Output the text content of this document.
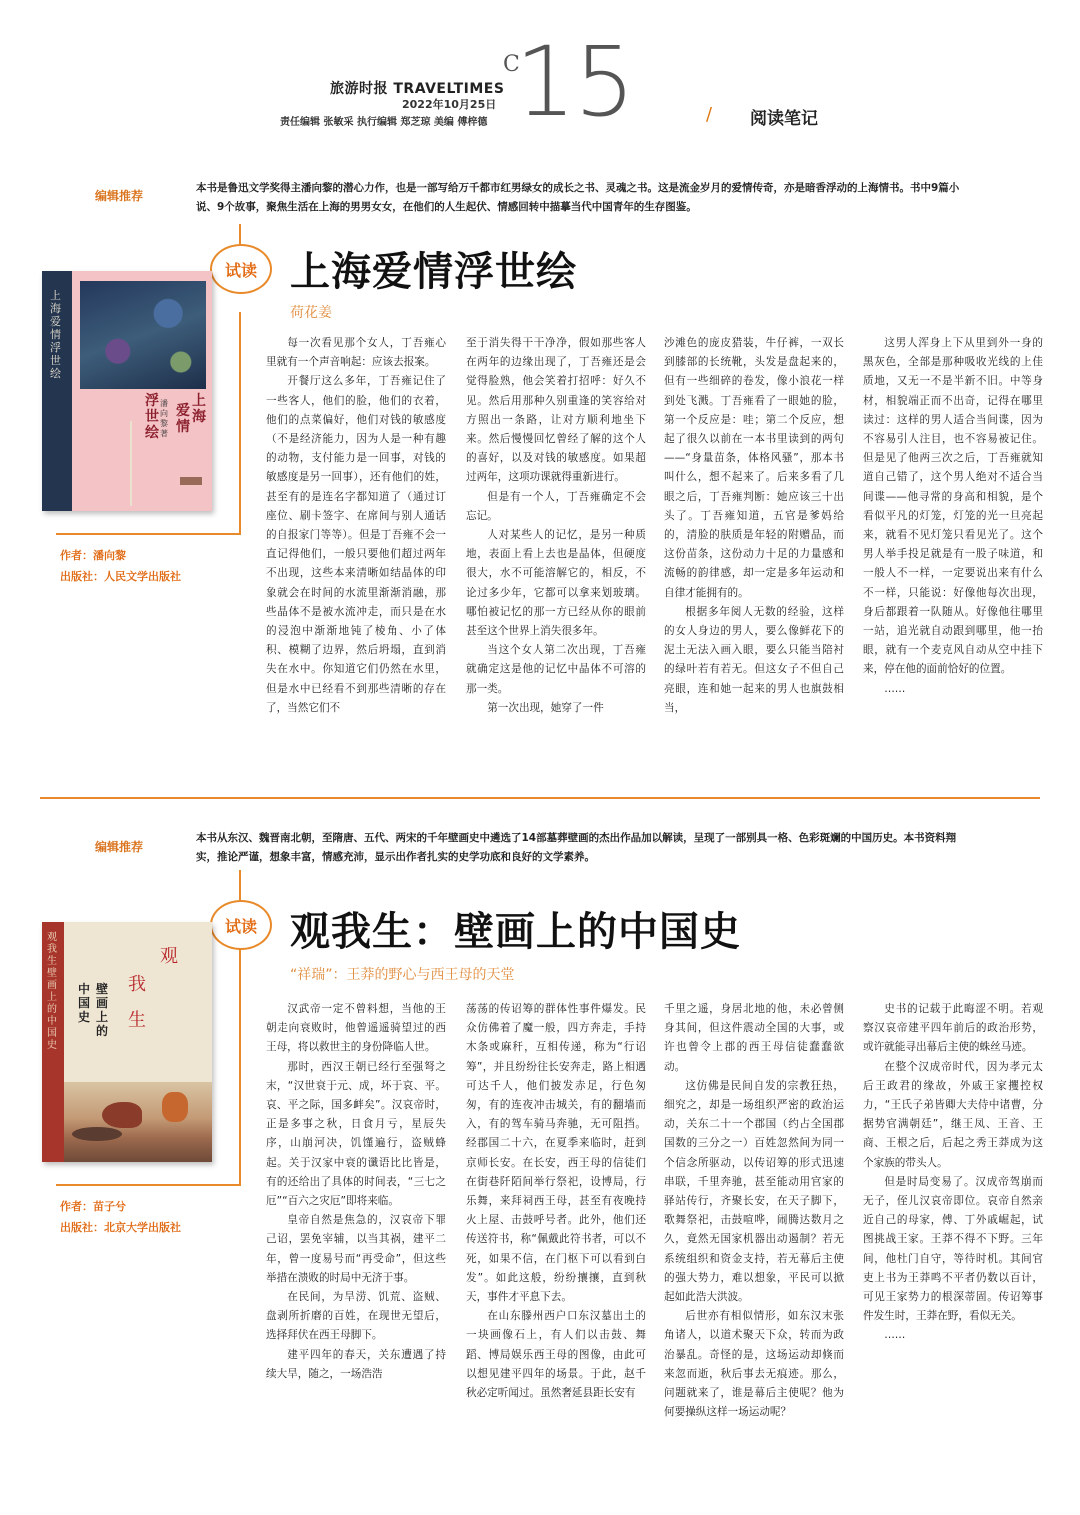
旅游时报 TRAVELTIMES
2022年10月25日
责任编辑 张敏采 执行编辑 郑芝琼 美编 傅梓德
C
15	/ 阅读笔记
编辑推荐
本书是鲁迅文学奖得主潘向黎的潜心力作，也是一部写给万千都市红男绿女的成长之书、灵魂之书。这是流金岁月的爱情传奇，亦是暗香浮动的上海情书。书中9篇小说、9个故事，聚焦生活在上海的男男女女，在他们的人生起伏、情感回转中描摹当代中国青年的生存图鉴。
试读 上海爱情浮世绘
荷花姜
上海爱情浮世绘
上海
爱情
浮世
绘
潘向黎 著
作者：潘向黎
出版社：人民文学出版社

每一次看见那个女人，丁吾雍心里就有一个声音响起：应该去报案。

开餐厅这么多年，丁吾雍记住了一些客人，他们的脸，他们的衣着，他们的点菜偏好，他们对钱的敏感度（不是经济能力，因为人是一种有趣的动物，支付能力是一回事，对钱的敏感度是另一回事），还有他们的姓，甚至有的是连名字都知道了（通过订座位、刷卡签字、在席间与别人通话的自报家门等等）。但是丁吾雍不会一直记得他们，一般只要他们超过两年不出现，这些本来清晰如结晶体的印象就会在时间的水流里渐渐消融，那些晶体不是被水流冲走，而只是在水的浸泡中渐渐地钝了棱角、小了体积、模糊了边界，然后坍塌，直到消失在水中。你知道它们仍然在水里，但是水中已经看不到那些清晰的存在了，当然它们不

至于消失得干干净净，假如那些客人在两年的边缘出现了，丁吾雍还是会觉得脸熟，他会笑着打招呼：好久不见。然后用那种久别重逢的笑容给对方照出一条路，让对方顺利地坐下来。然后慢慢回忆曾经了解的这个人的喜好，以及对钱的敏感度。如果超过两年，这项功课就得重新进行。

但是有一个人，丁吾雍确定不会忘记。

人对某些人的记忆，是另一种质地，表面上看上去也是晶体，但硬度很大，水不可能溶解它的，相反，不论过多少年，它都可以拿来划玻璃。哪怕被记忆的那一方已经从你的眼前甚至这个世界上消失很多年。

当这个女人第二次出现，丁吾雍就确定这是他的记忆中晶体不可溶的那一类。

第一次出现，她穿了一件

沙滩色的庞皮猎装，牛仔裤，一双长到膝部的长统靴，头发是盘起来的，但有一些细碎的卷发，像小浪花一样到处飞溅。丁吾雍看了一眼她的脸，第一个反应是：哇；第二个反应，想起了很久以前在一本书里读到的两句——“身量苗条，体格风骚”，那本书叫什么，想不起来了。后来多看了几眼之后，丁吾雍判断：她应该三十出头了。丁吾雍知道，五官是爹妈给的，清脸的肤质是年轻的附赠品，而这份苗条，这份动力十足的力量感和流畅的韵律感，却一定是多年运动和自律才能拥有的。

根据多年阅人无数的经验，这样的女人身边的男人，要么像鲜花下的泥土无法入画入眼，要么只能当陪衬的绿叶若有若无。但这女子不但自己亮眼，连和她一起来的男人也旗鼓相当，

这男人浑身上下从里到外一身的黑灰色，全部是那种吸收光线的上佳质地，又无一不是半新不旧。中等身材，相貌端正而不出奇，记得在哪里读过：这样的男人适合当间谍，因为不容易引人注目，也不容易被记住。但是见了他两三次之后，丁吾雍就知道自己错了，这个男人绝对不适合当间谍——他寻常的身高和相貌，是个看似平凡的灯笼，灯笼的光一旦亮起来，就看不见灯笼只看见光了。这个男人举手投足就是有一股子味道，和一般人不一样，一定要说出来有什么不一样，只能说：好像他每次出现，身后都跟着一队随从。好像他往哪里一站，追光就自动跟到哪里，他一抬眼，就有一个麦克风自动从空中挂下来，停在他的面前恰好的位置。

……

编辑推荐
本书从东汉、魏晋南北朝，至隋唐、五代、两宋的千年壁画史中遴选了14部墓葬壁画的杰出作品加以解读，呈现了一部别具一格、色彩斑斓的中国历史。本书资料翔实，推论严谨，想象丰富，情感充沛，显示出作者扎实的史学功底和良好的文学素养。
试读 观我生：壁画上的中国史
“祥瑞”：王莽的野心与西王母的天堂
观我生 壁画上的中国史
观
我
生
壁画上的
中国史
作者：苗子兮
出版社：北京大学出版社

汉武帝一定不曾料想，当他的王朝走向衰败时，他曾遥遥骑望过的西王母，将以救世主的身份降临人世。

那时，西汉王朝已经行至强弩之末，“汉世衰于元、成，坏于哀、平。哀、平之际，国多衅矣”。汉哀帝时，正是多事之秋，日食月亏，星辰失序，山崩河决，饥馑遍行，盗贼蜂起。关于汉家中衰的谶语比比皆是，有的还给出了具体的时间表，“三七之厄”“百六之灾厄”即将来临。

皇帝自然是焦急的，汉哀帝下罪己诏，罢免宰辅，以当其祸，建平二年，曾一度易号而“再受命”，但这些举措在溃败的时局中无济于事。

在民间，为旱涝、饥荒、盗贼、盘剥所折磨的百姓，在现世无望后，选择拜伏在西王母脚下。

建平四年的春天，关东遭遇了持续大旱，随之，一场浩浩

荡荡的传诏筹的群体性事件爆发。民众仿佛着了魔一般，四方奔走，手持木条或麻秆，互相传递，称为“行诏筹”，并且纷纷往长安奔走，路上相遇可达千人，他们披发赤足，行色匆匆，有的连夜冲击城关，有的翻墙而入，有的驾车骑马奔驰，无可阻挡。经郡国二十六，在夏季来临时，赶到京师长安。在长安，西王母的信徒们在街巷阡陌间举行祭祀，设博局，行乐舞，来拜祠西王母，甚至有夜晚持火上屋、击鼓呼号者。此外，他们还传送符书，称“佩戴此符书者，可以不死，如果不信，在门枢下可以看到白发”。如此这般，纷纷攘攘，直到秋天，事件才平息下去。

在山东滕州西户口东汉墓出土的一块画像石上，有人们以击鼓、舞蹈、博局娱乐西王母的图像，由此可以想见建平四年的场景。于此，赵千秋必定听闻过。虽然奢延县距长安有

千里之遥，身居北地的他，未必曾侧身其间，但这件震动全国的大事，或许也曾令上郡的西王母信徒蠢蠢欲动。

这仿佛是民间自发的宗教狂热，细究之，却是一场组织严密的政治运动，关东二十一个郡国（约占全国郡国数的三分之一）百姓忽然间为同一个信念所驱动，以传诏筹的形式迅速串联，千里奔驰，甚至能动用官家的驿站传行，齐聚长安，在天子脚下，歌舞祭祀，击鼓喧哗，闹腾达数月之久，竟然无国家机器出动遏制？若无系统组织和资金支持，若无幕后主使的强大势力，难以想象，平民可以掀起如此浩大洪波。

后世亦有相似情形，如东汉末张角诸人，以道术聚天下众，转而为政治暴乱。奇怪的是，这场运动却倏而来忽而逝，秋后事去无痕迹。那么，问题就来了，谁是幕后主使呢？他为何要操纵这样一场运动呢？

史书的记载于此晦涩不明。若观察汉哀帝建平四年前后的政治形势，或许就能寻出幕后主使的蛛丝马迹。

在整个汉成帝时代，因为孝元太后王政君的缘故，外戚王家攫控权力，“王氏子弟皆卿大夫侍中诸曹，分据势官满朝廷”，继王凤、王音、王商、王根之后，后起之秀王莽成为这个家族的带头人。

但是时局变易了。汉成帝驾崩而无子，侄儿汉哀帝即位。哀帝自然亲近自己的母家，傅、丁外戚崛起，试图挑战王家。王莽不得不下野。三年间，他杜门自守，等待时机。其间官吏上书为王莽鸣不平者仍数以百计，可见王家势力的根深蒂固。传诏筹事件发生时，王莽在野，看似无关。

……
